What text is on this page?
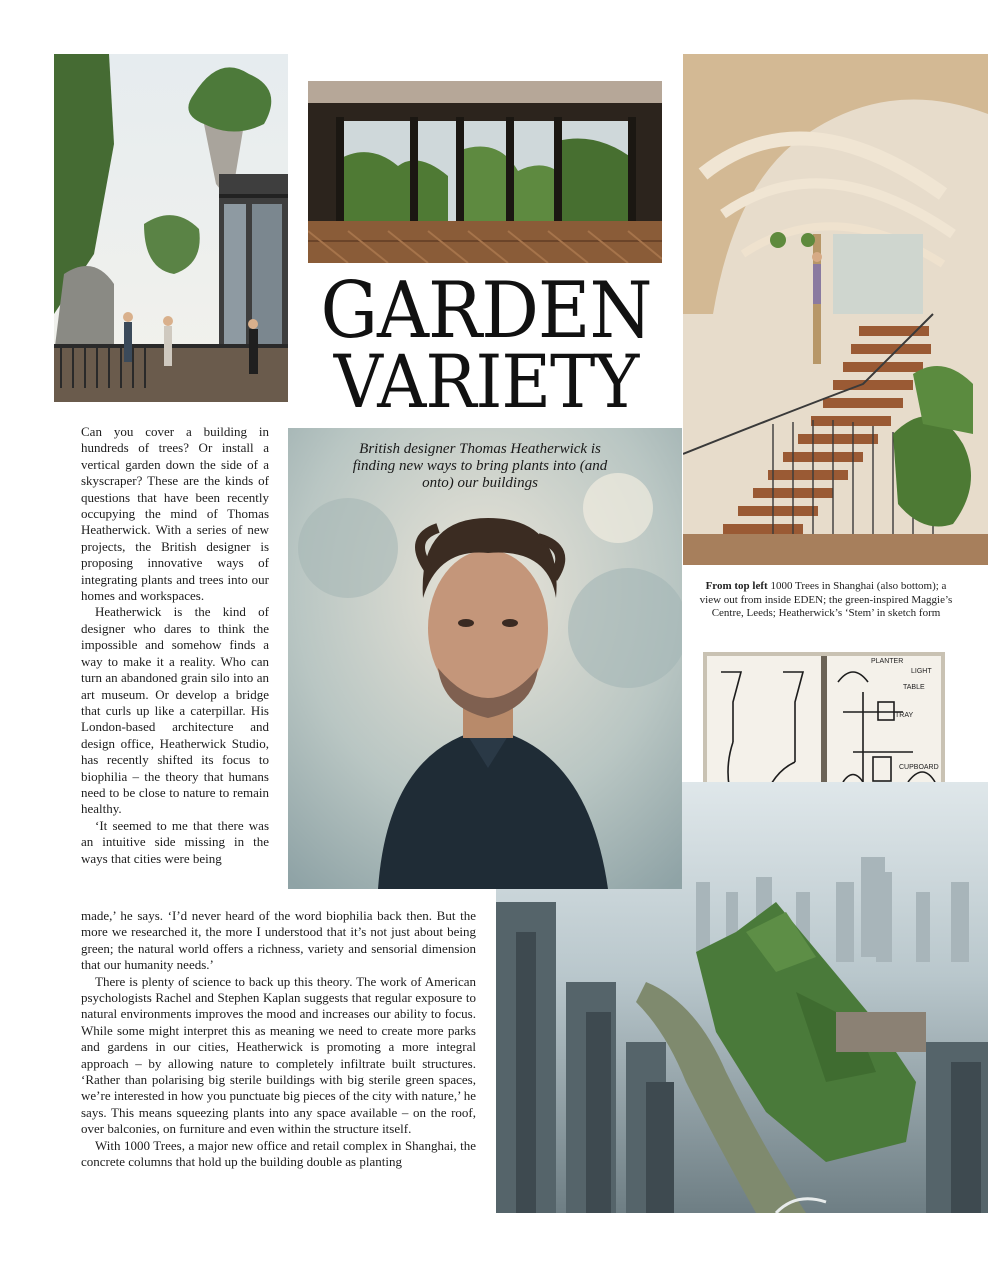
PLANTER
LIGHT
TABLE
TRAY
CUPBOARD
GARDEN
VARIETY
British designer Thomas Heatherwick is finding new ways to bring plants into (and onto) our buildings
From top left 1000 Trees in Shanghai (also bottom); a view out from inside EDEN; the green-inspired Maggie’s Centre, Leeds; Heatherwick’s ‘Stem’ in sketch form

Can you cover a building in hundreds of trees? Or install a vertical garden down the side of a skyscraper? These are the kinds of questions that have been recently occupying the mind of Thomas Heatherwick. With a series of new projects, the British designer is proposing innovative ways of integrating plants and trees into our homes and workspaces.

Heatherwick is the kind of designer who dares to think the impossible and somehow finds a way to make it a reality. Who can turn an abandoned grain silo into an art museum. Or develop a bridge that curls up like a caterpillar. His London-based architecture and design office, Heatherwick Studio, has recently shifted its focus to biophilia – the theory that humans need to be close to nature to remain healthy.

‘It seemed to me that there was an intuitive side missing in the ways that cities were being

made,’ he says. ‘I’d never heard of the word biophilia back then. But the more we researched it, the more I understood that it’s not just about being green; the natural world offers a richness, variety and sensorial dimension that our humanity needs.’

There is plenty of science to back up this theory. The work of American psychologists Rachel and Stephen Kaplan suggests that regular exposure to natural environments improves the mood and increases our ability to focus. While some might interpret this as meaning we need to create more parks and gardens in our cities, Heatherwick is promoting a more integral approach – by allowing nature to completely infiltrate built structures. ‘Rather than polarising big sterile buildings with big sterile green spaces, we’re interested in how you punctuate big pieces of the city with nature,’ he says. This means squeezing plants into any space available – on the roof, over balconies, on furniture and even within the structure itself.

With 1000 Trees, a major new office and retail complex in Shanghai, the concrete columns that hold up the building double as planting
